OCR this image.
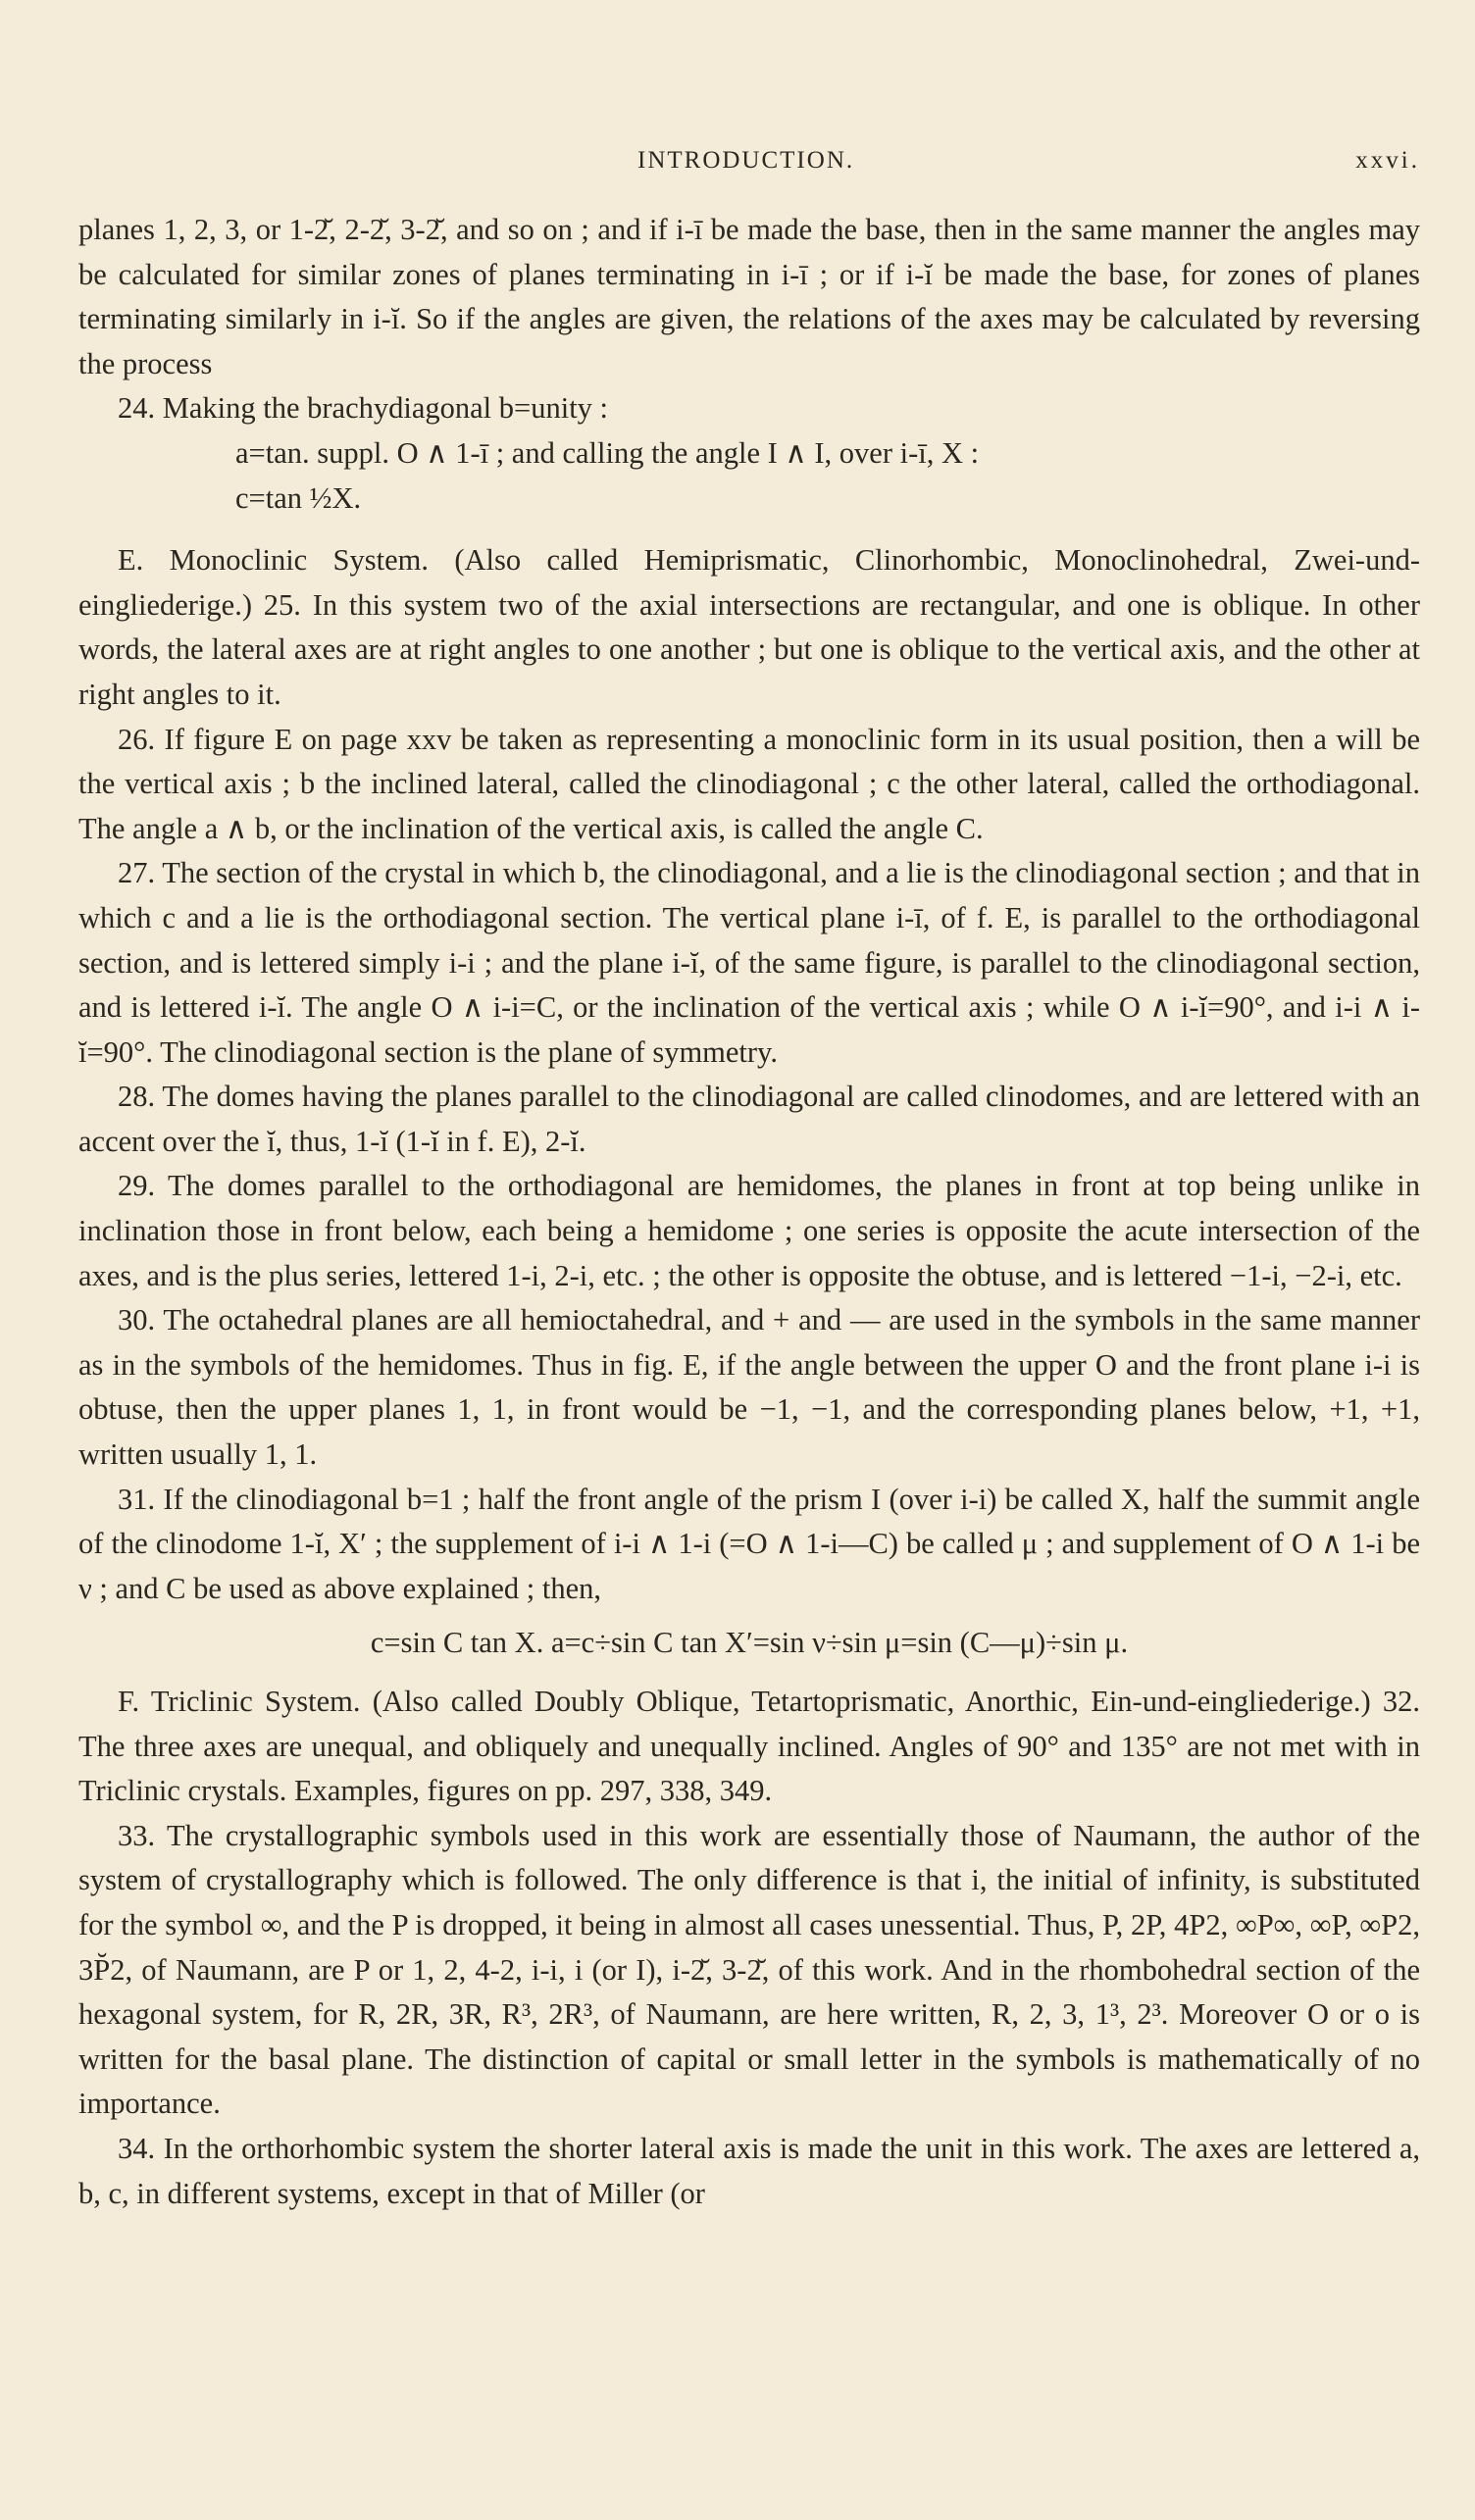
INTRODUCTION.	xxvi.

planes 1, 2, 3, or 1-2̆, 2-2̆, 3-2̆, and so on ; and if i-ī be made the base, then in the same manner the angles may be calculated for similar zones of planes terminating in i-ī ; or if i-ĭ be made the base, for zones of planes terminating similarly in i-ĭ. So if the angles are given, the relations of the axes may be calculated by reversing the process

24. Making the brachydiagonal b=unity :

a=tan. suppl. O ∧ 1-ī ; and calling the angle I ∧ I, over i-ī, X :

c=tan ½X.

E. Monoclinic System. (Also called Hemiprismatic, Clinorhombic, Monoclinohedral, Zwei-und-eingliederige.) 25. In this system two of the axial intersections are rectangular, and one is oblique. In other words, the lateral axes are at right angles to one another ; but one is oblique to the vertical axis, and the other at right angles to it.

26. If figure E on page xxv be taken as representing a monoclinic form in its usual position, then a will be the vertical axis ; b the inclined lateral, called the clinodiagonal ; c the other lateral, called the orthodiagonal. The angle a ∧ b, or the inclination of the vertical axis, is called the angle C.

27. The section of the crystal in which b, the clinodiagonal, and a lie is the clinodiagonal section ; and that in which c and a lie is the orthodiagonal section. The vertical plane i-ī, of f. E, is parallel to the orthodiagonal section, and is lettered simply i-i ; and the plane i-ĭ, of the same figure, is parallel to the clinodiagonal section, and is lettered i-ĭ. The angle O ∧ i-i=C, or the inclination of the vertical axis ; while O ∧ i-ĭ=90°, and i-i ∧ i-ĭ=90°. The clinodiagonal section is the plane of symmetry.

28. The domes having the planes parallel to the clinodiagonal are called clinodomes, and are lettered with an accent over the ĭ, thus, 1-ĭ (1-ĭ in f. E), 2-ĭ.

29. The domes parallel to the orthodiagonal are hemidomes, the planes in front at top being unlike in inclination those in front below, each being a hemidome ; one series is opposite the acute intersection of the axes, and is the plus series, lettered 1-i, 2-i, etc. ; the other is opposite the obtuse, and is lettered −1-i, −2-i, etc.

30. The octahedral planes are all hemioctahedral, and + and — are used in the symbols in the same manner as in the symbols of the hemidomes. Thus in fig. E, if the angle between the upper O and the front plane i-i is obtuse, then the upper planes 1, 1, in front would be −1, −1, and the corresponding planes below, +1, +1, written usually 1, 1.

31. If the clinodiagonal b=1 ; half the front angle of the prism I (over i-i) be called X, half the summit angle of the clinodome 1-ĭ, X′ ; the supplement of i-i ∧ 1-i (=O ∧ 1-i—C) be called μ ; and supplement of O ∧ 1-i be ν ; and C be used as above explained ; then,

c=sin C tan X. a=c÷sin C tan X′=sin ν÷sin μ=sin (C—μ)÷sin μ.

F. Triclinic System. (Also called Doubly Oblique, Tetartoprismatic, Anorthic, Ein-und-eingliederige.) 32. The three axes are unequal, and obliquely and unequally inclined. Angles of 90° and 135° are not met with in Triclinic crystals. Examples, figures on pp. 297, 338, 349.

33. The crystallographic symbols used in this work are essentially those of Naumann, the author of the system of crystallography which is followed. The only difference is that i, the initial of infinity, is substituted for the symbol ∞, and the P is dropped, it being in almost all cases unessential. Thus, P, 2P, 4P2, ∞P∞, ∞P, ∞P2, 3P̆2, of Naumann, are P or 1, 2, 4-2, i-i, i (or I), i-2̆, 3-2̆, of this work. And in the rhombohedral section of the hexagonal system, for R, 2R, 3R, R³, 2R³, of Naumann, are here written, R, 2, 3, 1³, 2³. Moreover O or o is written for the basal plane. The distinction of capital or small letter in the symbols is mathematically of no importance.

34. In the orthorhombic system the shorter lateral axis is made the unit in this work. The axes are lettered a, b, c, in different systems, except in that of Miller (or
